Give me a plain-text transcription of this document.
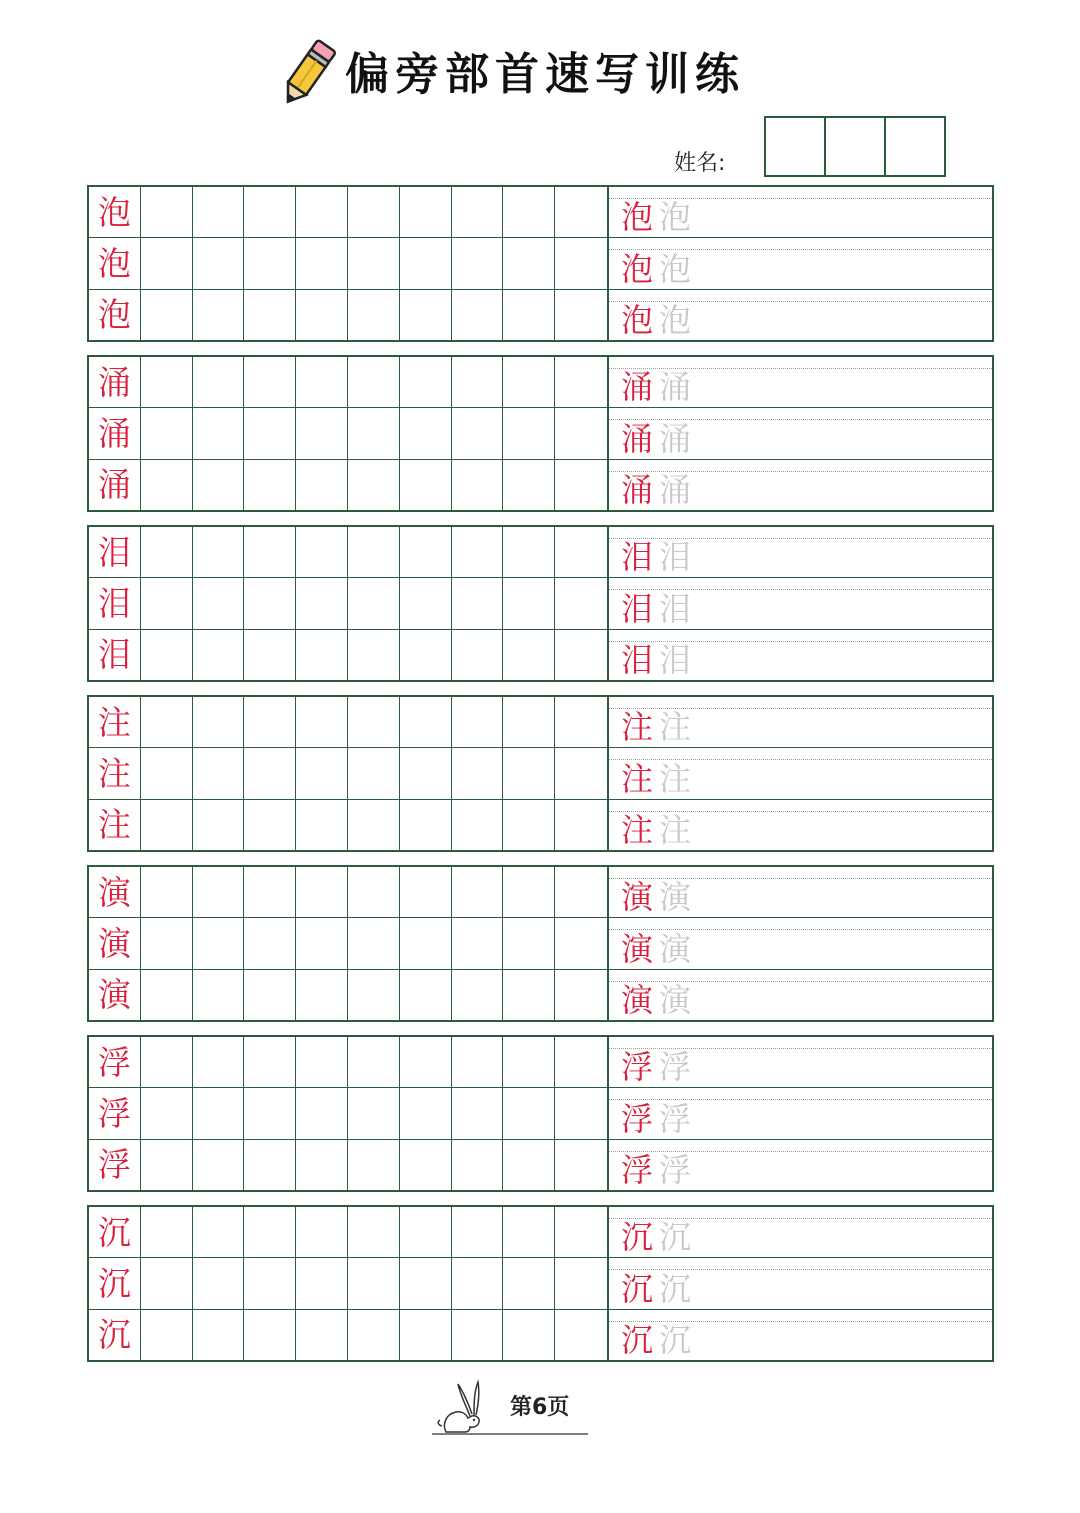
偏旁部首速写训练
姓名:
泡
泡
泡
泡 泡
泡 泡
泡 泡
涌
涌
涌
涌 涌
涌 涌
涌 涌
泪
泪
泪
泪 泪
泪 泪
泪 泪
注
注
注
注 注
注 注
注 注
演
演
演
演 演
演 演
演 演
浮
浮
浮
浮 浮
浮 浮
浮 浮
沉
沉
沉
沉 沉
沉 沉
沉 沉
第6页
